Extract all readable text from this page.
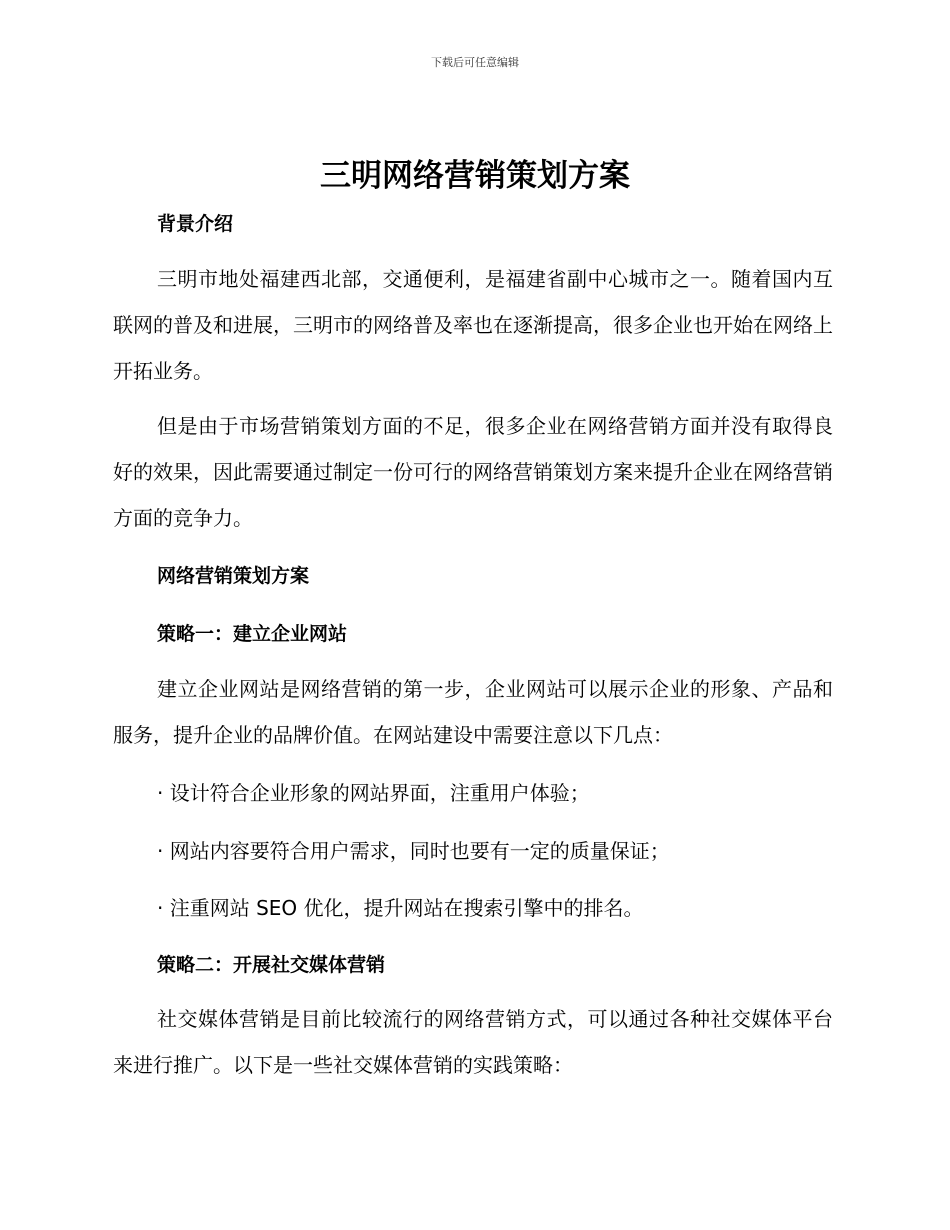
下载后可任意编辑
三明网络营销策划方案
背景介绍

三明市地处福建西北部，交通便利，是福建省副中心城市之一。随着国内互联网的普及和进展，三明市的网络普及率也在逐渐提高，很多企业也开始在网络上开拓业务。

但是由于市场营销策划方面的不足，很多企业在网络营销方面并没有取得良好的效果，因此需要通过制定一份可行的网络营销策划方案来提升企业在网络营销方面的竞争力。

网络营销策划方案
策略一：建立企业网站

建立企业网站是网络营销的第一步，企业网站可以展示企业的形象、产品和服务，提升企业的品牌价值。在网站建设中需要注意以下几点：

· 设计符合企业形象的网站界面，注重用户体验；

· 网站内容要符合用户需求，同时也要有一定的质量保证；

· 注重网站 SEO 优化，提升网站在搜索引擎中的排名。

策略二：开展社交媒体营销

社交媒体营销是目前比较流行的网络营销方式，可以通过各种社交媒体平台来进行推广。以下是一些社交媒体营销的实践策略：
